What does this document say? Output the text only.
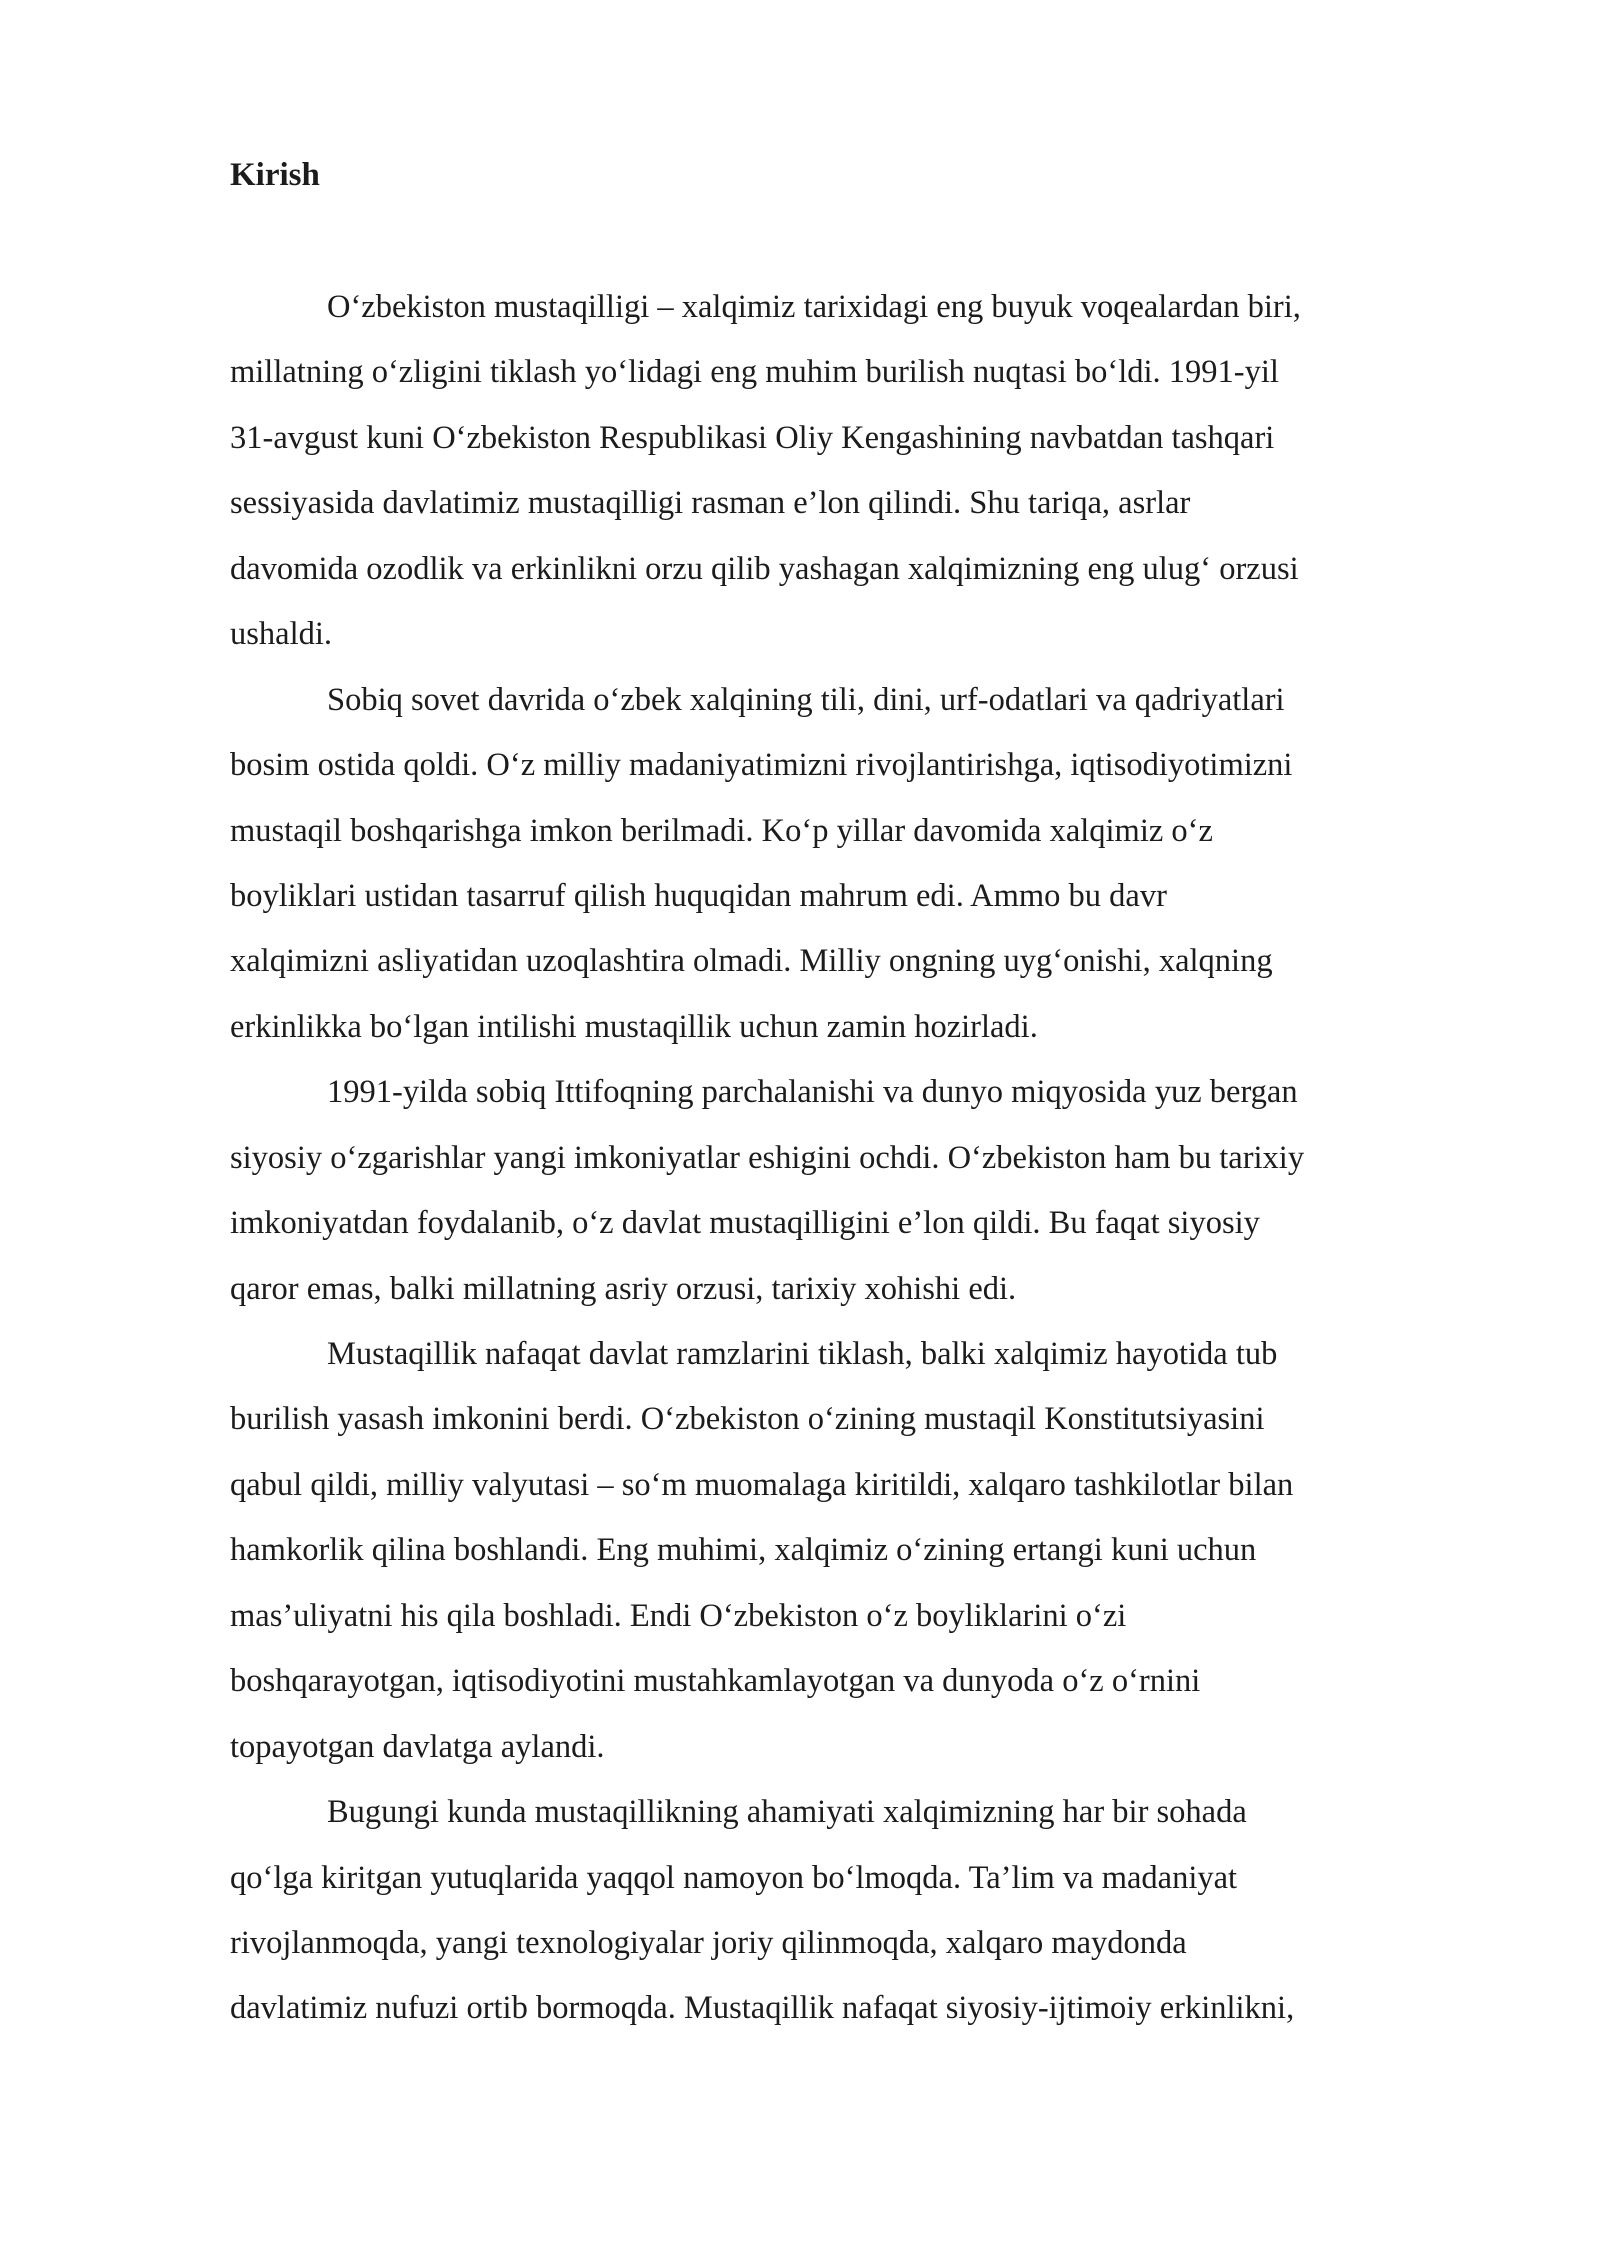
Kirish
O‘zbekiston mustaqilligi – xalqimiz tarixidagi eng buyuk voqealardan biri,
millatning o‘zligini tiklash yo‘lidagi eng muhim burilish nuqtasi bo‘ldi. 1991-yil
31-avgust kuni O‘zbekiston Respublikasi Oliy Kengashining navbatdan tashqari
sessiyasida davlatimiz mustaqilligi rasman e’lon qilindi. Shu tariqa, asrlar
davomida ozodlik va erkinlikni orzu qilib yashagan xalqimizning eng ulug‘ orzusi
ushaldi.
Sobiq sovet davrida o‘zbek xalqining tili, dini, urf-odatlari va qadriyatlari
bosim ostida qoldi. O‘z milliy madaniyatimizni rivojlantirishga, iqtisodiyotimizni
mustaqil boshqarishga imkon berilmadi. Ko‘p yillar davomida xalqimiz o‘z
boyliklari ustidan tasarruf qilish huquqidan mahrum edi. Ammo bu davr
xalqimizni asliyatidan uzoqlashtira olmadi. Milliy ongning uyg‘onishi, xalqning
erkinlikka bo‘lgan intilishi mustaqillik uchun zamin hozirladi.
1991-yilda sobiq Ittifoqning parchalanishi va dunyo miqyosida yuz bergan
siyosiy o‘zgarishlar yangi imkoniyatlar eshigini ochdi. O‘zbekiston ham bu tarixiy
imkoniyatdan foydalanib, o‘z davlat mustaqilligini e’lon qildi. Bu faqat siyosiy
qaror emas, balki millatning asriy orzusi, tarixiy xohishi edi.
Mustaqillik nafaqat davlat ramzlarini tiklash, balki xalqimiz hayotida tub
burilish yasash imkonini berdi. O‘zbekiston o‘zining mustaqil Konstitutsiyasini
qabul qildi, milliy valyutasi – so‘m muomalaga kiritildi, xalqaro tashkilotlar bilan
hamkorlik qilina boshlandi. Eng muhimi, xalqimiz o‘zining ertangi kuni uchun
mas’uliyatni his qila boshladi. Endi O‘zbekiston o‘z boyliklarini o‘zi
boshqarayotgan, iqtisodiyotini mustahkamlayotgan va dunyoda o‘z o‘rnini
topayotgan davlatga aylandi.
Bugungi kunda mustaqillikning ahamiyati xalqimizning har bir sohada
qo‘lga kiritgan yutuqlarida yaqqol namoyon bo‘lmoqda. Ta’lim va madaniyat
rivojlanmoqda, yangi texnologiyalar joriy qilinmoqda, xalqaro maydonda
davlatimiz nufuzi ortib bormoqda. Mustaqillik nafaqat siyosiy-ijtimoiy erkinlikni,
